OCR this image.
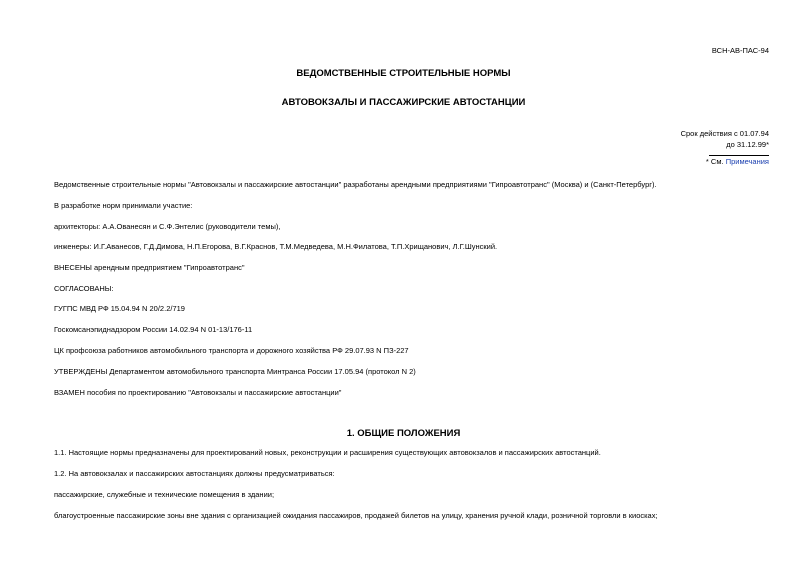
ВСН-АВ-ПАС-94
ВЕДОМСТВЕННЫЕ СТРОИТЕЛЬНЫЕ НОРМЫ
АВТОВОКЗАЛЫ И ПАССАЖИРСКИЕ АВТОСТАНЦИИ
Срок действия с 01.07.94
до 31.12.99*
* См. Примечания
Ведомственные строительные нормы "Автовокзалы и пассажирские автостанции" разработаны арендными предприятиями "Гипроавтотранс" (Москва) и (Санкт-Петербург).
В разработке норм принимали участие:
архитекторы: А.А.Ованесян и С.Ф.Энтелис (руководители темы),
инженеры: И.Г.Аванесов, Г.Д.Димова, Н.П.Егорова, В.Г.Краснов, Т.М.Медведева, М.Н.Филатова, Т.П.Хрищанович, Л.Г.Шунский.
ВНЕСЕНЫ арендным предприятием "Гипроавтотранс"
СОГЛАСОВАНЫ:
ГУГПС МВД РФ 15.04.94 N 20/2.2/719
Госкомсанэпиднадзором России 14.02.94 N 01-13/176-11
ЦК профсоюза работников автомобильного транспорта и дорожного хозяйства РФ 29.07.93 N ПЗ-227
УТВЕРЖДЕНЫ Департаментом автомобильного транспорта Минтранса России 17.05.94 (протокол N 2)
ВЗАМЕН пособия по проектированию "Автовокзалы и пассажирские автостанции"
1. ОБЩИЕ ПОЛОЖЕНИЯ
1.1. Настоящие нормы предназначены для проектирований новых, реконструкции и расширения существующих автовокзалов и пассажирских автостанций.
1.2. На автовокзалах и пассажирских автостанциях должны предусматриваться:
пассажирские, служебные и технические помещения в здании;
благоустроенные пассажирские зоны вне здания с организацией ожидания пассажиров, продажей билетов на улицу, хранения ручной клади, розничной торговли в киосках;
